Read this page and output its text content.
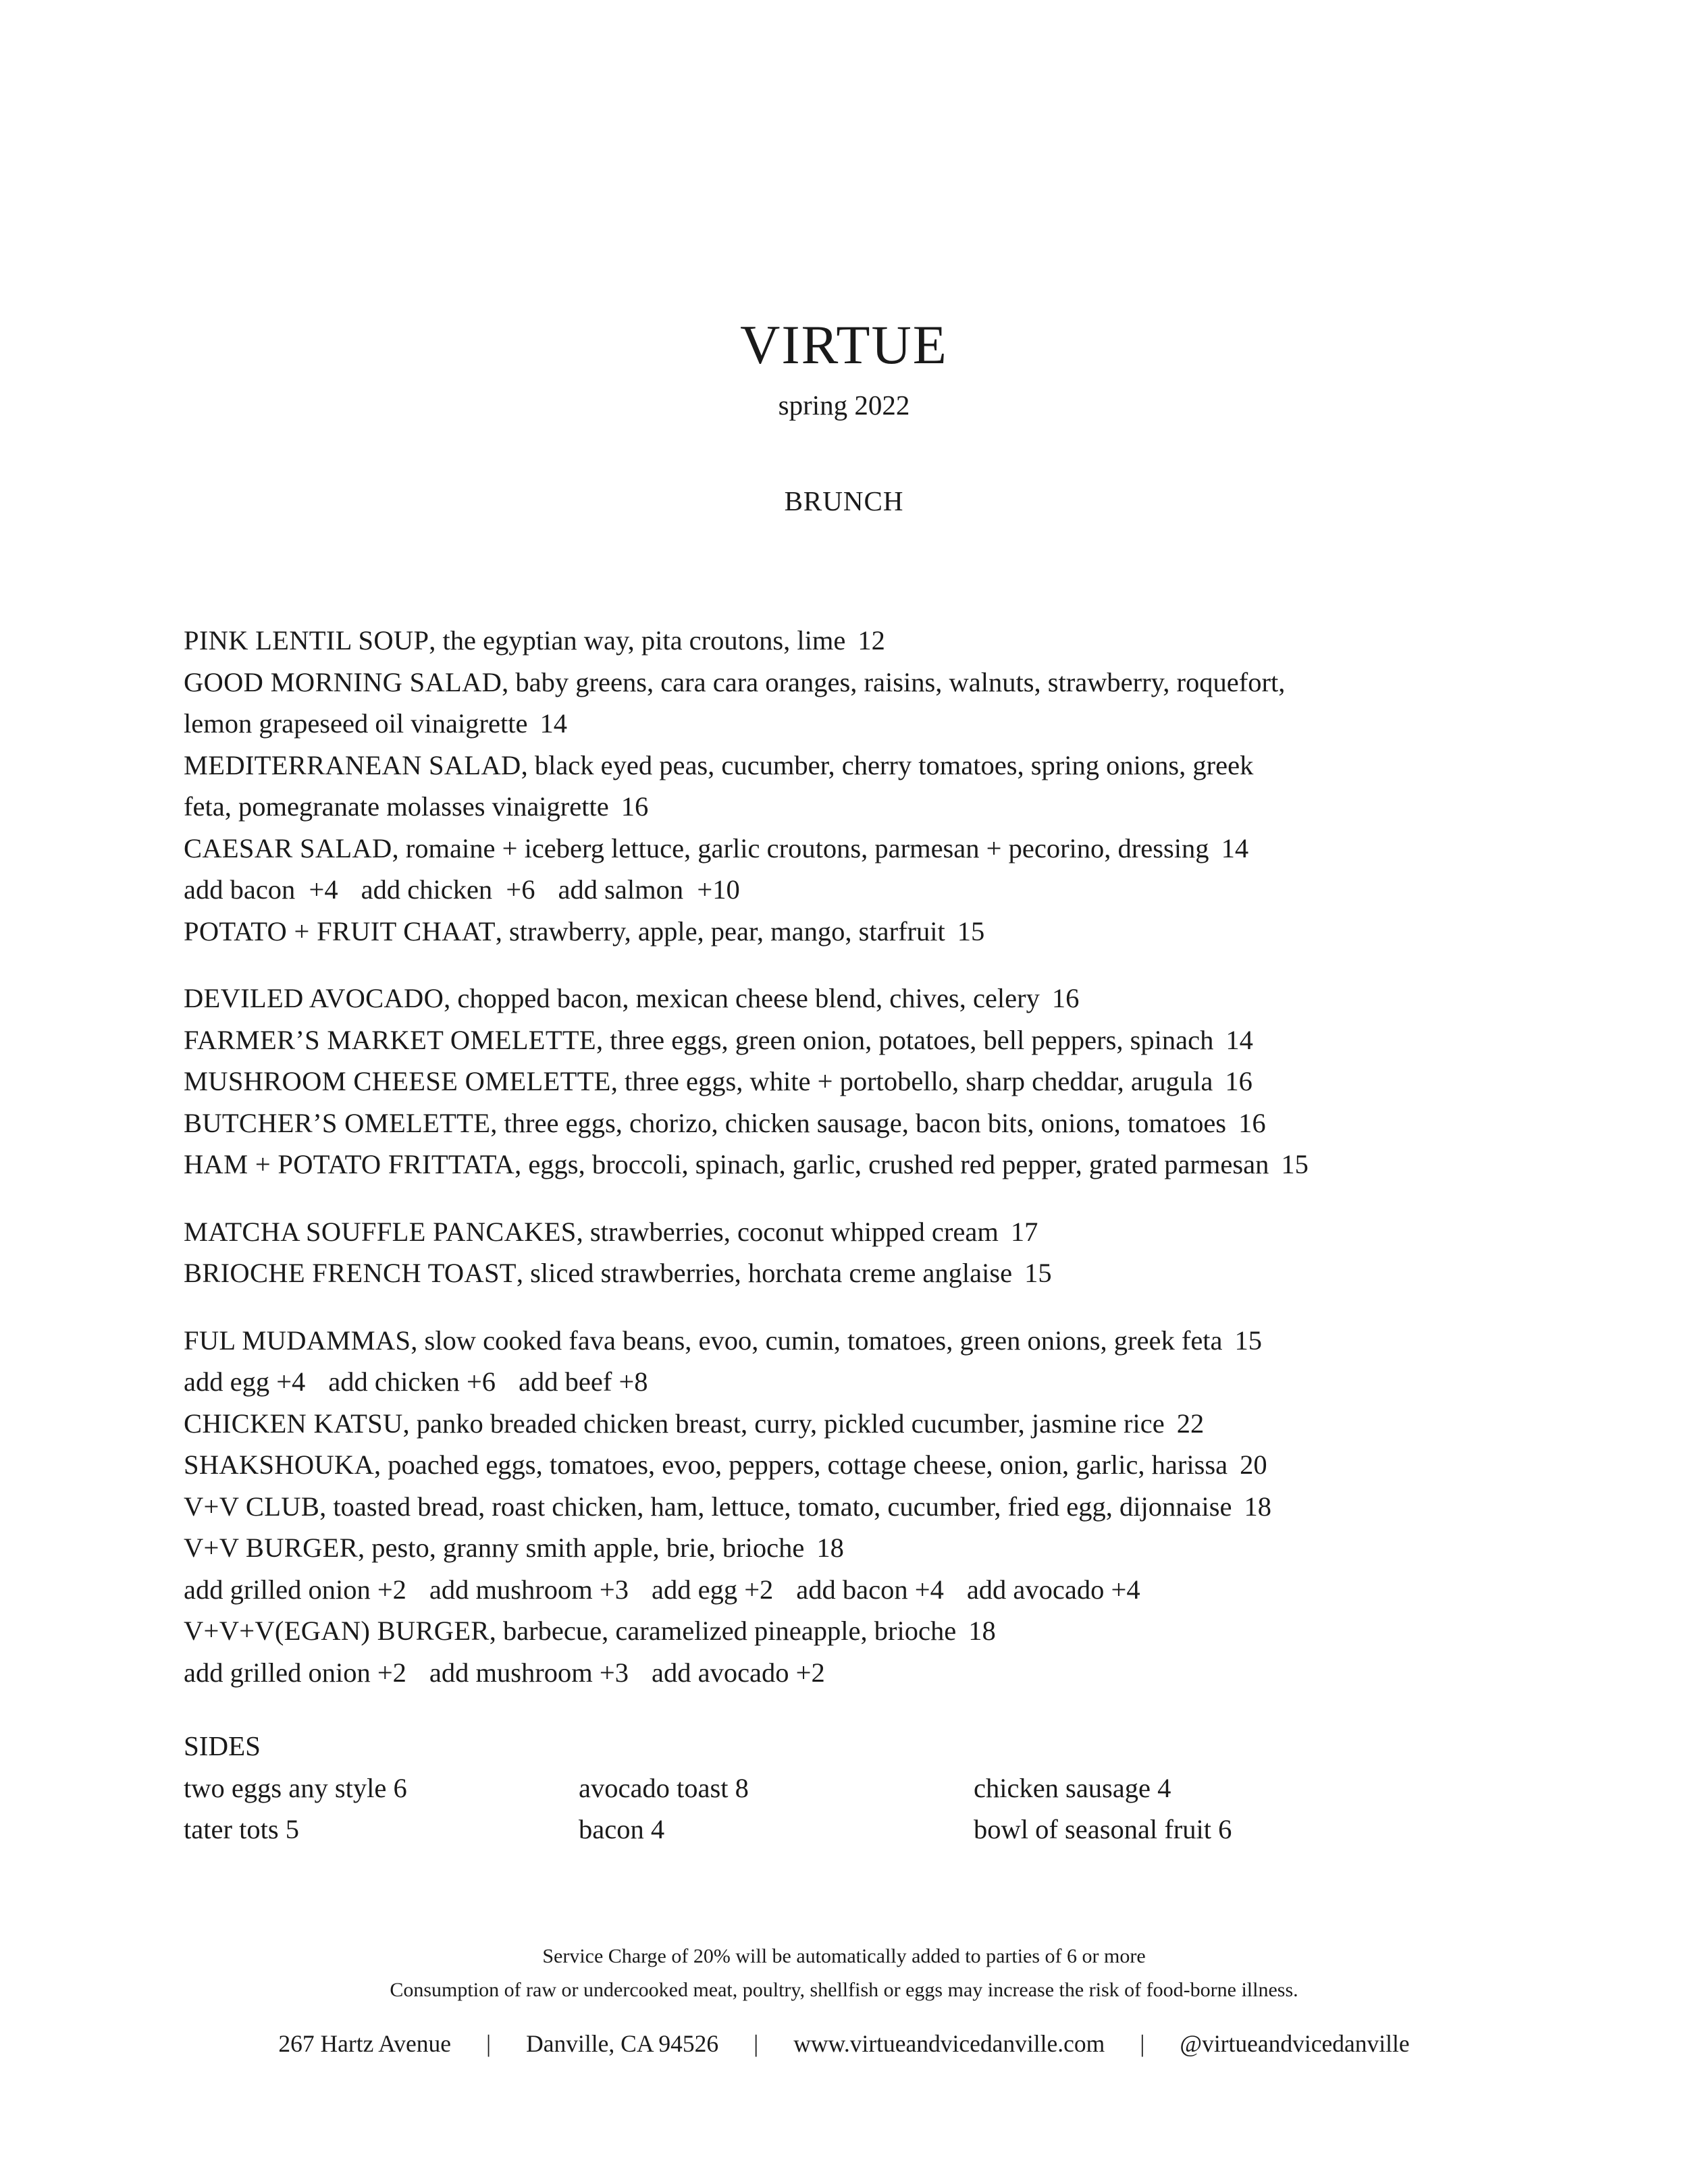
VIRTUE
spring 2022
BRUNCH
PINK LENTIL SOUP, the egyptian way, pita croutons, lime 12
GOOD MORNING SALAD, baby greens, cara cara oranges, raisins, walnuts, strawberry, roquefort,
lemon grapeseed oil vinaigrette 14
MEDITERRANEAN SALAD, black eyed peas, cucumber, cherry tomatoes, spring onions, greek
feta, pomegranate molasses vinaigrette 16
CAESAR SALAD, romaine + iceberg lettuce, garlic croutons, parmesan + pecorino, dressing 14
add bacon  +4 add chicken  +6 add salmon  +10
POTATO + FRUIT CHAAT, strawberry, apple, pear, mango, starfruit 15
DEVILED AVOCADO, chopped bacon, mexican cheese blend, chives, celery 16
FARMER’S MARKET OMELETTE, three eggs, green onion, potatoes, bell peppers, spinach 14
MUSHROOM CHEESE OMELETTE, three eggs, white + portobello, sharp cheddar, arugula 16
BUTCHER’S OMELETTE, three eggs, chorizo, chicken sausage, bacon bits, onions, tomatoes 16
HAM + POTATO FRITTATA, eggs, broccoli, spinach, garlic, crushed red pepper, grated parmesan 15
MATCHA SOUFFLE PANCAKES, strawberries, coconut whipped cream 17
BRIOCHE FRENCH TOAST, sliced strawberries, horchata creme anglaise 15
FUL MUDAMMAS, slow cooked fava beans, evoo, cumin, tomatoes, green onions, greek feta 15
add egg +4 add chicken +6 add beef +8
CHICKEN KATSU, panko breaded chicken breast, curry, pickled cucumber, jasmine rice 22
SHAKSHOUKA, poached eggs, tomatoes, evoo, peppers, cottage cheese, onion, garlic, harissa 20
V+V CLUB, toasted bread, roast chicken, ham, lettuce, tomato, cucumber, fried egg, dijonnaise 18
V+V BURGER, pesto, granny smith apple, brie, brioche 18
add grilled onion +2 add mushroom +3 add egg +2 add bacon +4 add avocado +4
V+V+V(EGAN) BURGER, barbecue, caramelized pineapple, brioche 18
add grilled onion +2 add mushroom +3 add avocado +2
SIDES
two eggs any style 6	avocado toast 8	chicken sausage 4
tater tots 5	bacon 4	bowl of seasonal fruit 6
Service Charge of 20% will be automatically added to parties of 6 or more
Consumption of raw or undercooked meat, poultry, shellfish or eggs may increase the risk of food-borne illness.
267 Hartz Avenue | Danville, CA 94526 | www.virtueandvicedanville.com | @virtueandvicedanville
